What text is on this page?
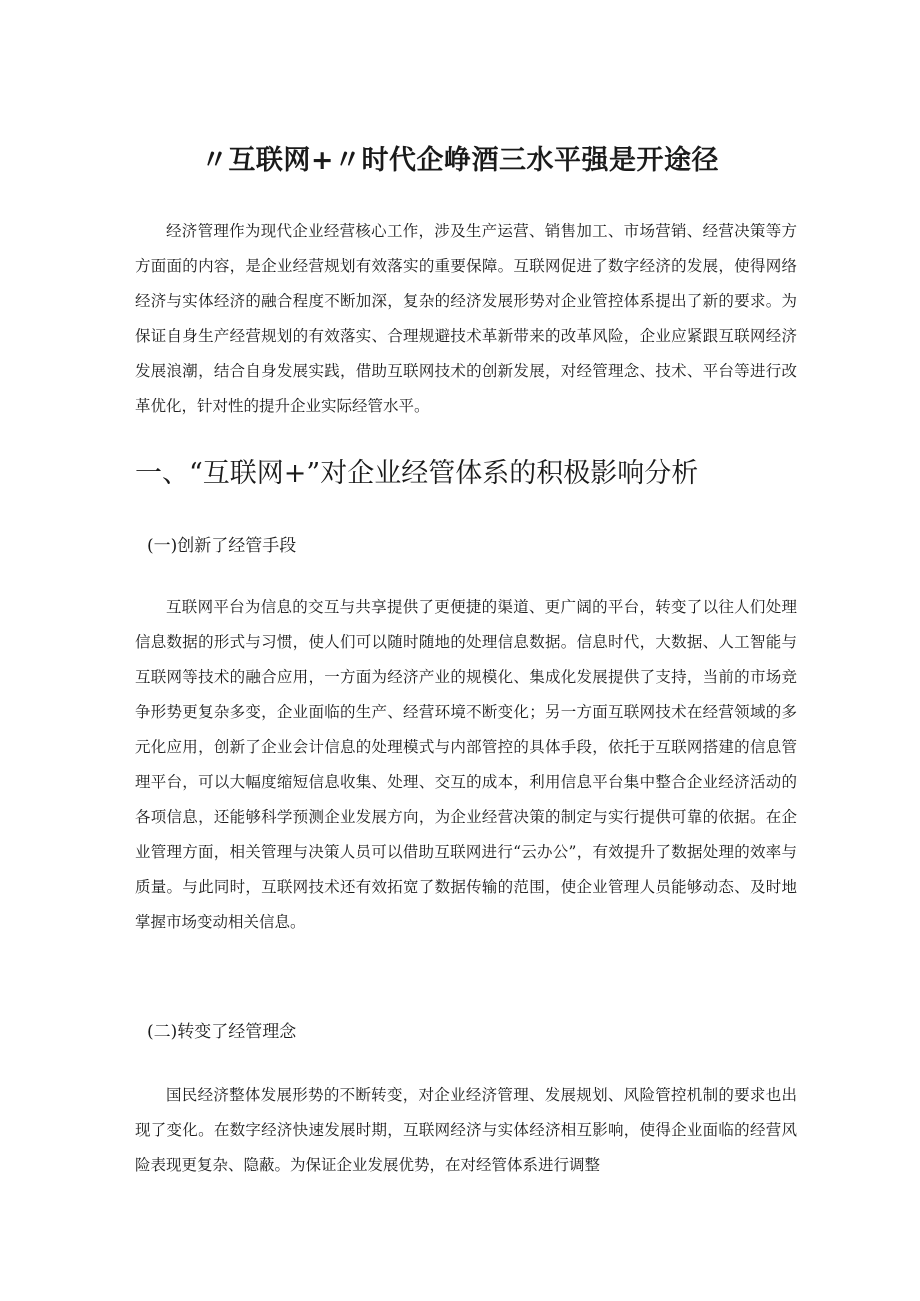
〃互联网+〃时代企峥酒三水平强是开途径

经济管理作为现代企业经营核心工作，涉及生产运营、销售加工、市场营销、经营决策等方方面面的内容，是企业经营规划有效落实的重要保障。互联网促进了数字经济的发展，使得网络经济与实体经济的融合程度不断加深，复杂的经济发展形势对企业管控体系提出了新的要求。为保证自身生产经营规划的有效落实、合理规避技术革新带来的改革风险，企业应紧跟互联网经济发展浪潮，结合自身发展实践，借助互联网技术的创新发展，对经管理念、技术、平台等进行改革优化，针对性的提升企业实际经管水平。

一、“互联网+”对企业经管体系的积极影响分析
(一)创新了经管手段

互联网平台为信息的交互与共享提供了更便捷的渠道、更广阔的平台，转变了以往人们处理信息数据的形式与习惯，使人们可以随时随地的处理信息数据。信息时代，大数据、人工智能与互联网等技术的融合应用，一方面为经济产业的规模化、集成化发展提供了支持，当前的市场竞争形势更复杂多变，企业面临的生产、经营环境不断变化；另一方面互联网技术在经营领域的多元化应用，创新了企业会计信息的处理模式与内部管控的具体手段，依托于互联网搭建的信息管理平台，可以大幅度缩短信息收集、处理、交互的成本，利用信息平台集中整合企业经济活动的各项信息，还能够科学预测企业发展方向，为企业经营决策的制定与实行提供可靠的依据。在企业管理方面，相关管理与决策人员可以借助互联网进行“云办公”，有效提升了数据处理的效率与质量。与此同时，互联网技术还有效拓宽了数据传输的范围，使企业管理人员能够动态、及时地掌握市场变动相关信息。

(二)转变了经管理念

国民经济整体发展形势的不断转变，对企业经济管理、发展规划、风险管控机制的要求也出现了变化。在数字经济快速发展时期，互联网经济与实体经济相互影响，使得企业面临的经营风险表现更复杂、隐蔽。为保证企业发展优势，在对经管体系进行调整
